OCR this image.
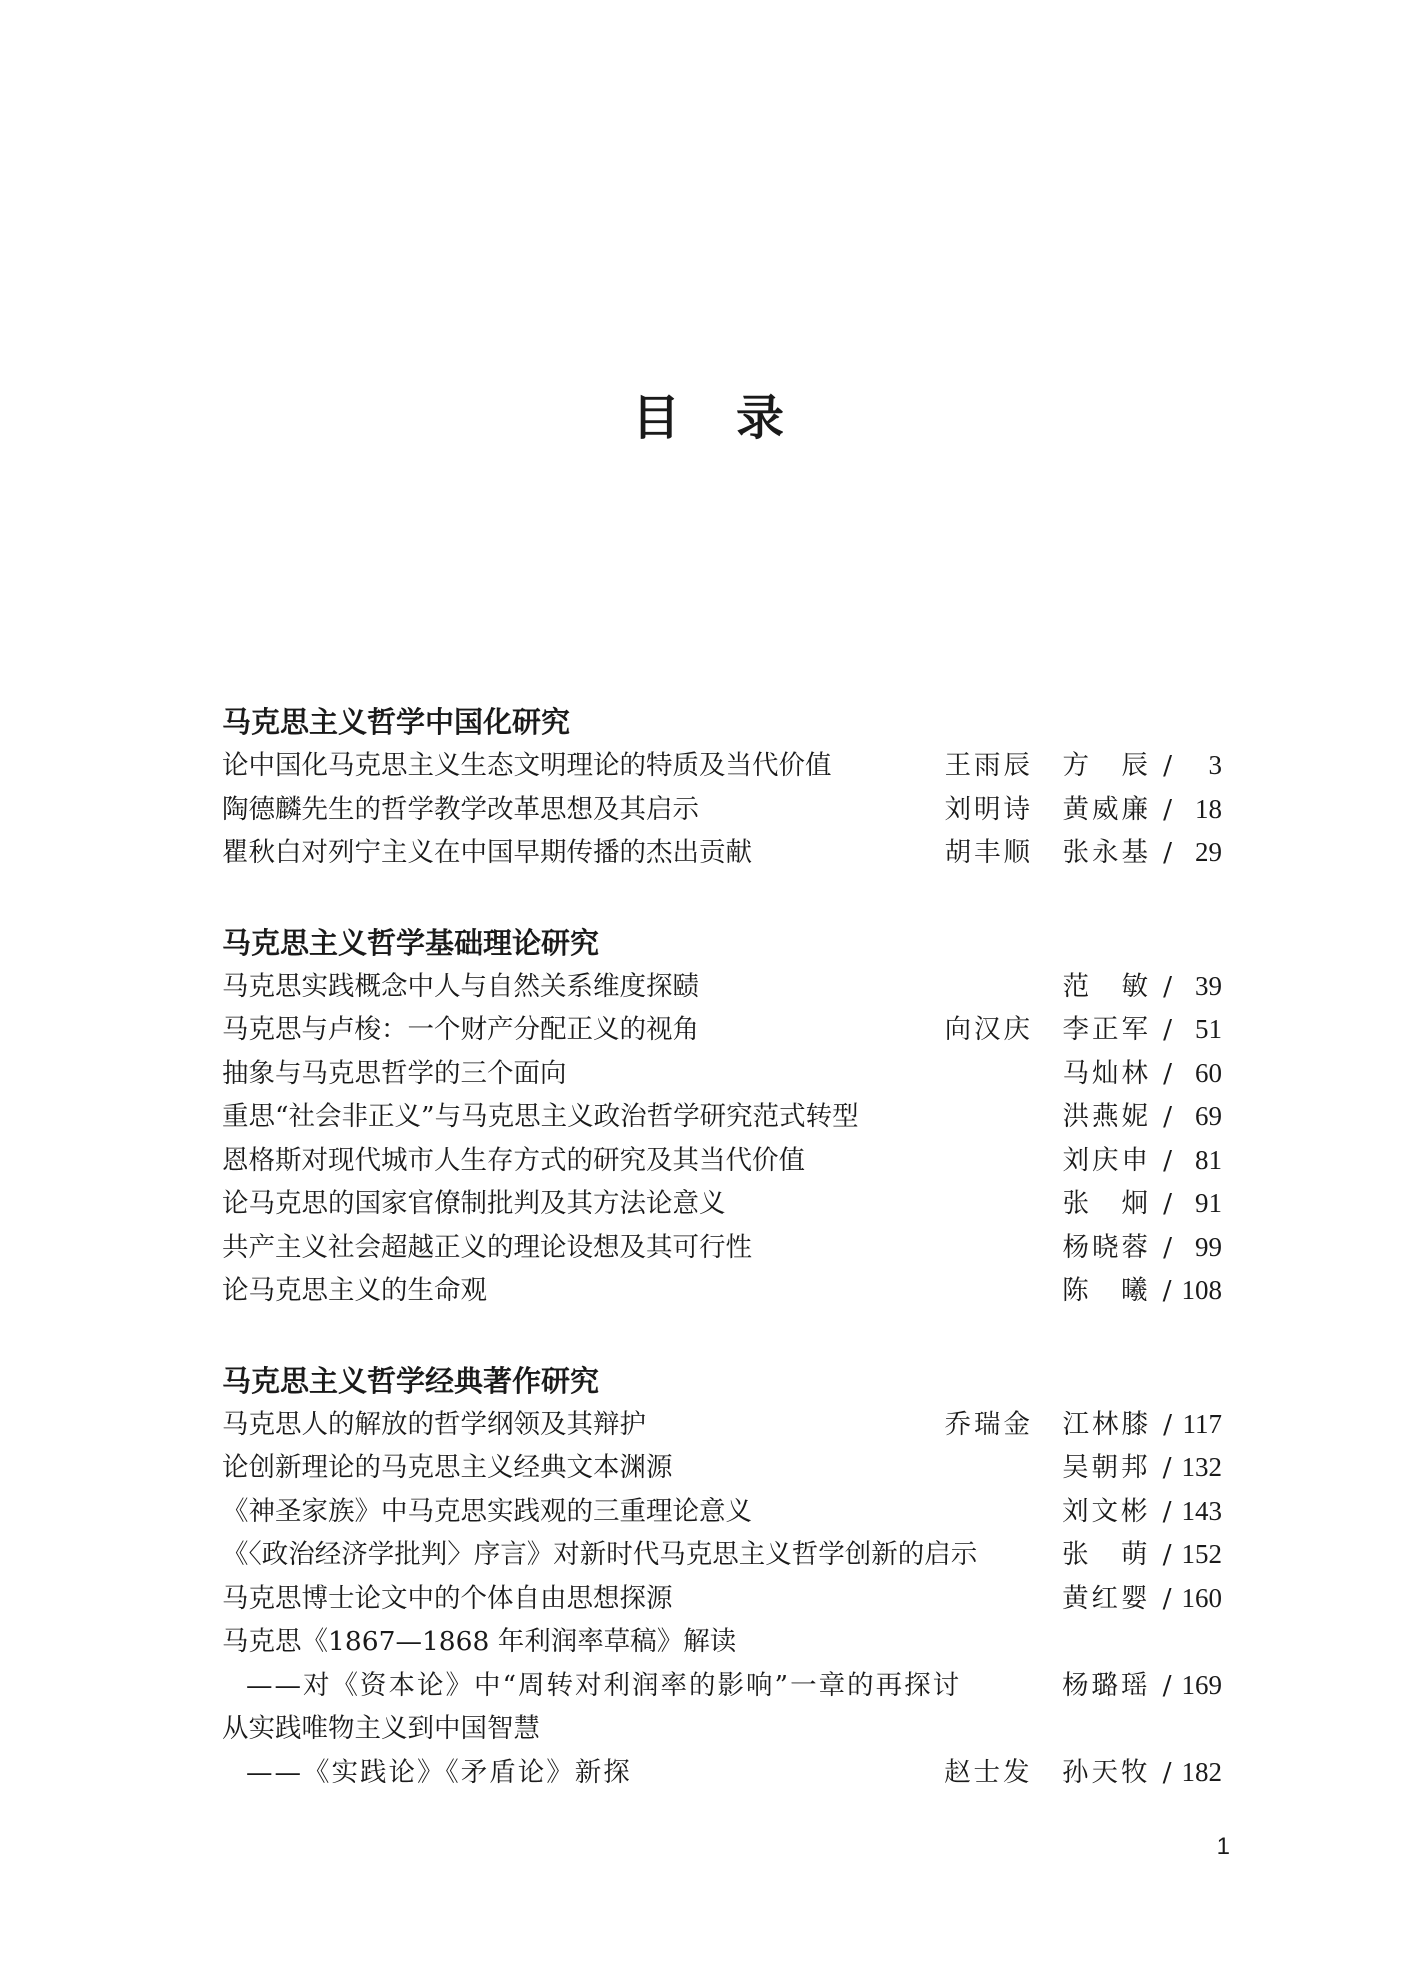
目　录
马克思主义哲学中国化研究
论中国化马克思主义生态文明理论的特质及当代价值	王雨辰　方　辰 /	3
陶德麟先生的哲学教学改革思想及其启示	刘明诗　黄威廉 / 18
瞿秋白对列宁主义在中国早期传播的杰出贡献	胡丰顺　张永基 / 29
马克思主义哲学基础理论研究
马克思实践概念中人与自然关系维度探赜	范　敏 / 39
马克思与卢梭：一个财产分配正义的视角	向汉庆　李正军 / 51
抽象与马克思哲学的三个面向	马灿林 / 60
重思“社会非正义”与马克思主义政治哲学研究范式转型	洪燕妮 / 69
恩格斯对现代城市人生存方式的研究及其当代价值	刘庆申 / 81
论马克思的国家官僚制批判及其方法论意义	张　炯 / 91
共产主义社会超越正义的理论设想及其可行性	杨晓蓉 / 99
论马克思主义的生命观	陈　曦 / 108
马克思主义哲学经典著作研究
马克思人的解放的哲学纲领及其辩护	乔瑞金　江林膝 / 117
论创新理论的马克思主义经典文本渊源	吴朝邦 / 132
《神圣家族》中马克思实践观的三重理论意义	刘文彬 / 143
《〈政治经济学批判〉序言》对新时代马克思主义哲学创新的启示	张　萌 / 152
马克思博士论文中的个体自由思想探源	黄红婴 / 160
马克思《1867—1868 年利润率草稿》解读
——对《资本论》中“周转对利润率的影响”一章的再探讨	杨璐瑶 / 169
从实践唯物主义到中国智慧
——《实践论》《矛盾论》新探	赵士发　孙天牧 / 182
1
